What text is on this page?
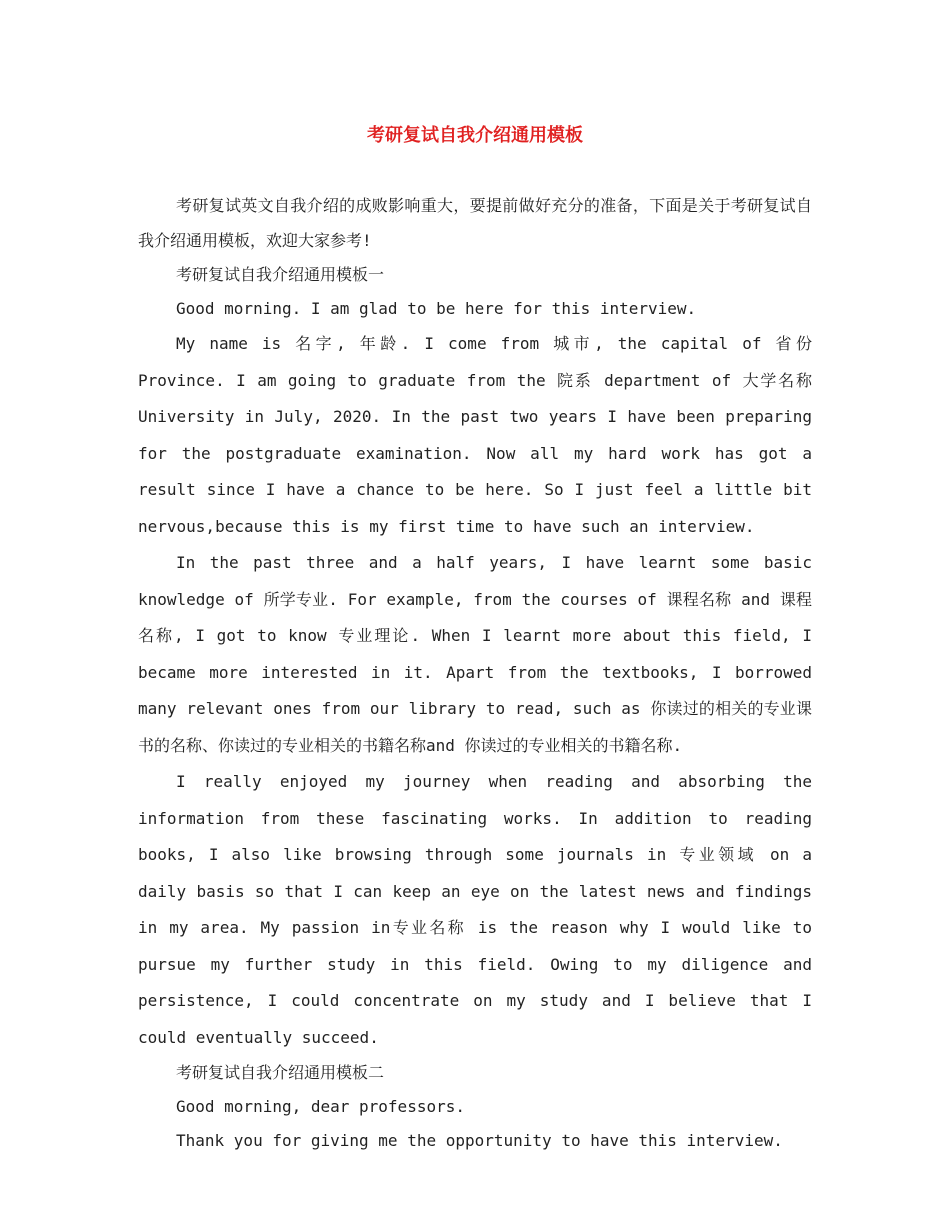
考研复试自我介绍通用模板

考研复试英文自我介绍的成败影响重大，要提前做好充分的准备，下面是关于考研复试自我介绍通用模板，欢迎大家参考!

考研复试自我介绍通用模板一

Good morning. I am glad to be here for this interview.

My name is 名字, 年龄. I come from 城市, the capital of 省份 Province. I am going to graduate from the 院系 department of 大学名称 University in July, 2020. In the past two years I have been preparing for the postgraduate examination. Now all my hard work has got a result since I have a chance to be here. So I just feel a little bit nervous,because this is my first time to have such an interview.

In the past three and a half years, I have learnt some basic knowledge of 所学专业. For example, from the courses of 课程名称 and 课程名称, I got to know 专业理论. When I learnt more about this field, I became more interested in it. Apart from the textbooks, I borrowed many relevant ones from our library to read, such as 你读过的相关的专业课书的名称、你读过的专业相关的书籍名称and 你读过的专业相关的书籍名称.

I really enjoyed my journey when reading and absorbing the information from these fascinating works. In addition to reading books, I also like browsing through some journals in 专业领域 on a daily basis so that I can keep an eye on the latest news and findings in my area. My passion in专业名称 is the reason why I would like to pursue my further study in this field. Owing to my diligence and persistence, I could concentrate on my study and I believe that I could eventually succeed.

考研复试自我介绍通用模板二

Good morning, dear professors.

Thank you for giving me the opportunity to have this interview.
